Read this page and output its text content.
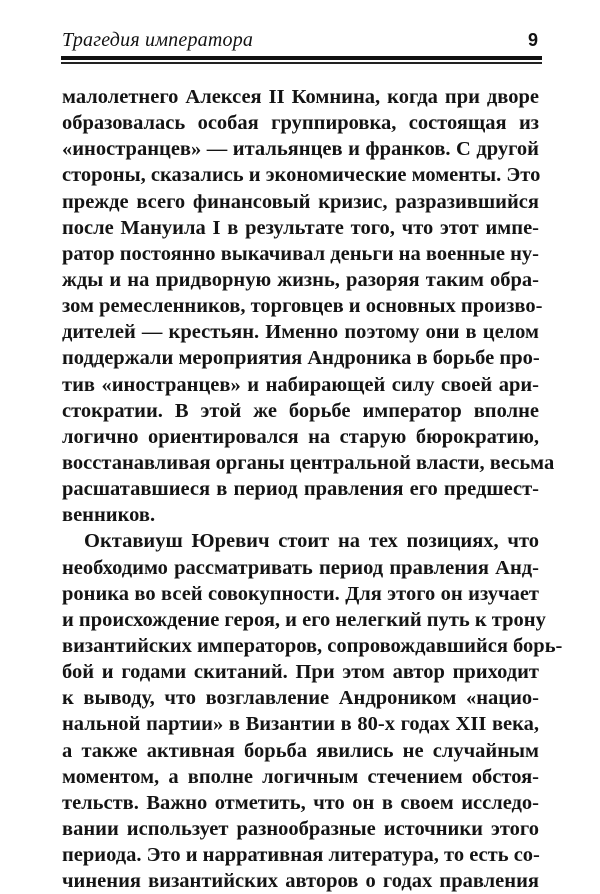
Трагедия императора	9
малолетнего Алексея II Комнина, когда при дворе
образовалась особая группировка, состоящая из
«иностранцев» — итальянцев и франков. С другой
стороны, сказались и экономические моменты. Это
прежде всего финансовый кризис, разразившийся
после Мануила I в результате того, что этот импе-
ратор постоянно выкачивал деньги на военные ну-
жды и на придворную жизнь, разоряя таким обра-
зом ремесленников, торговцев и основных произво-
дителей — крестьян. Именно поэтому они в целом
поддержали мероприятия Андроника в борьбе про-
тив «иностранцев» и набирающей силу своей ари-
стократии. В этой же борьбе император вполне
логично ориентировался на старую бюрократию,
восстанавливая органы центральной власти, весьма
расшатавшиеся в период правления его предшест-
венников.
Октавиуш Юревич стоит на тех позициях, что
необходимо рассматривать период правления Анд-
роника во всей совокупности. Для этого он изучает
и происхождение героя, и его нелегкий путь к трону
византийских императоров, сопровождавшийся борь-
бой и годами скитаний. При этом автор приходит
к выводу, что возглавление Андроником «нацио-
нальной партии» в Византии в 80-х годах XII века,
а также активная борьба явились не случайным
моментом, а вполне логичным стечением обстоя-
тельств. Важно отметить, что он в своем исследо-
вании использует разнообразные источники этого
периода. Это и нарративная литература, то есть со-
чинения византийских авторов о годах правления
